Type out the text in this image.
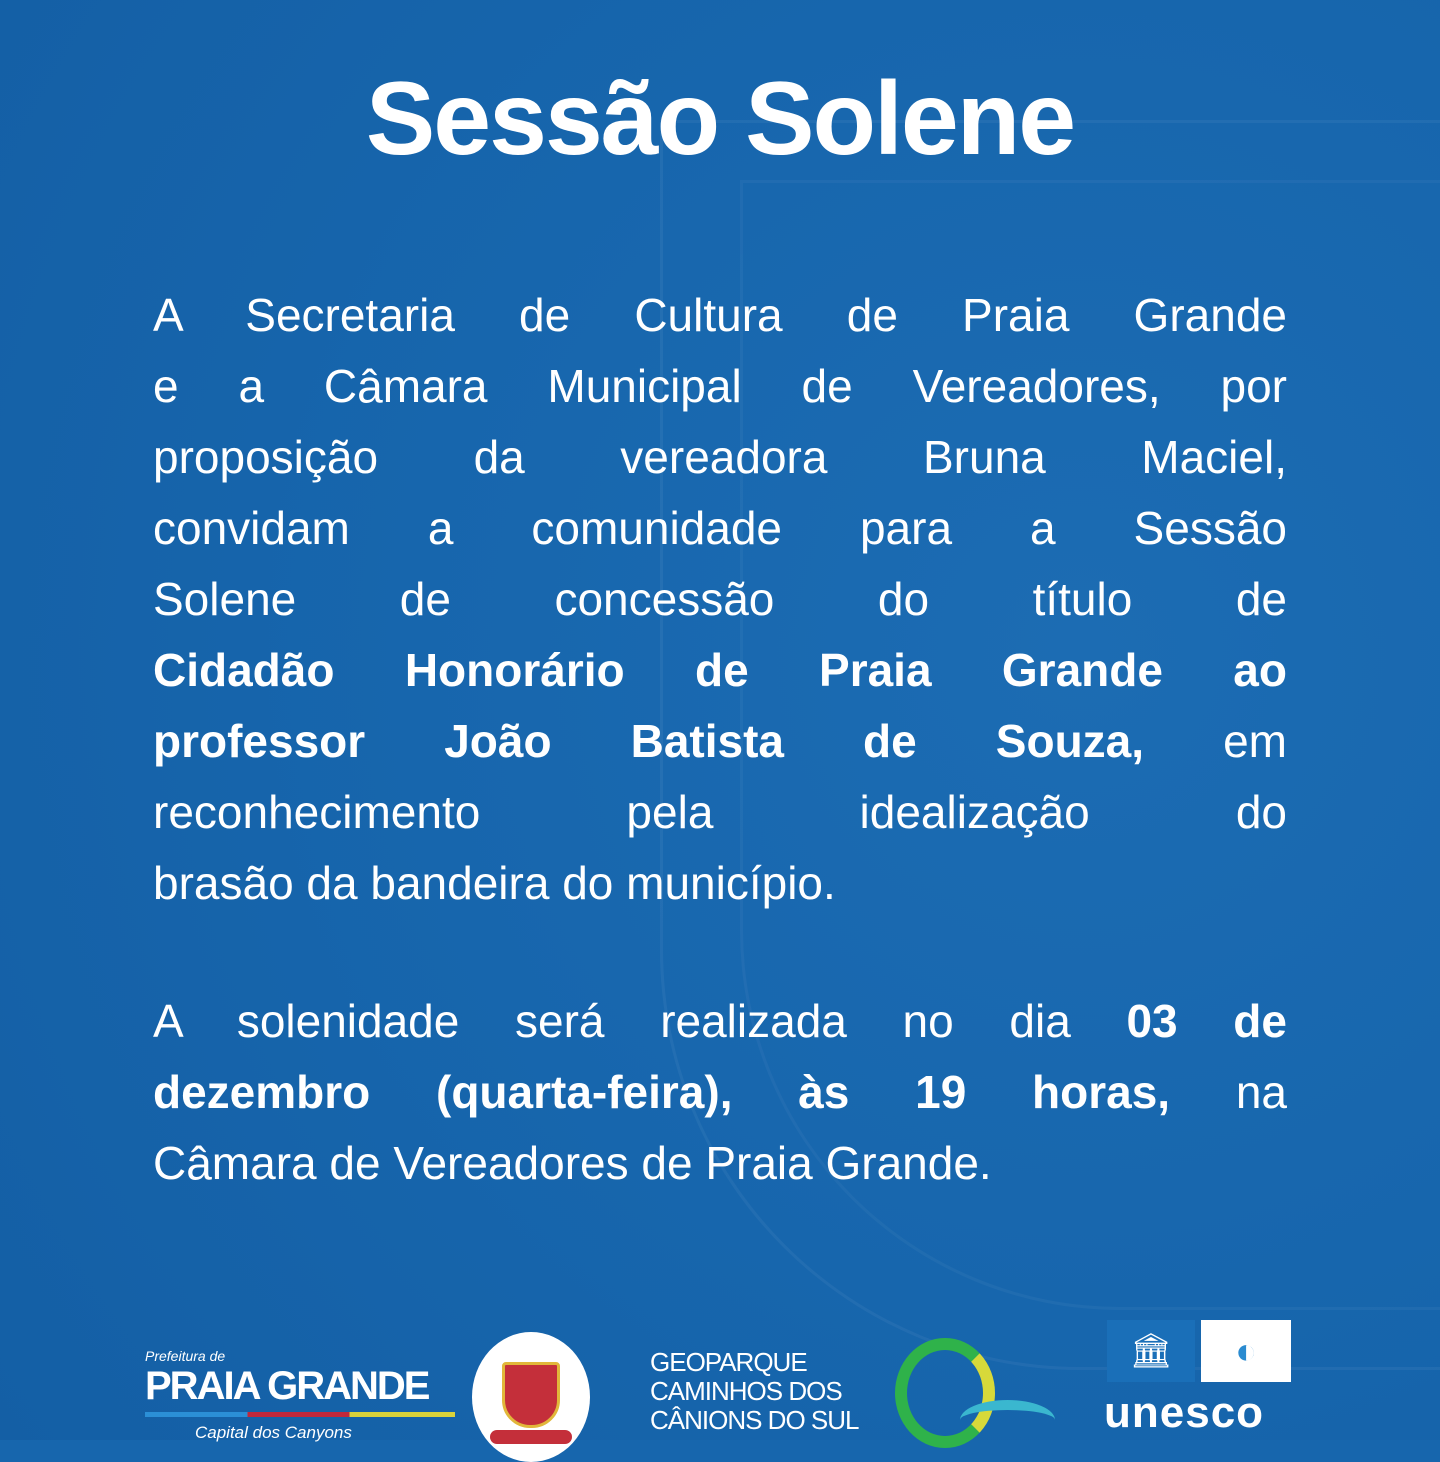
Sessão Solene
A Secretaria de Cultura de Praia Grande
e a Câmara Municipal de Vereadores, por
proposição da vereadora Bruna Maciel,
convidam a comunidade para a Sessão
Solene de concessão do título de
Cidadão Honorário de Praia Grande ao
professor João Batista de Souza, em
reconhecimento pela idealização do
brasão da bandeira do município.
A solenidade será realizada no dia 03 de
dezembro (quarta-feira), às 19 horas, na
Câmara de Vereadores de Praia Grande.
Prefeitura de
PRAIA GRANDE
Capital dos Canyons
GEOPARQUE
CAMINHOS DOS
CÂNIONS DO SUL
🏛	◐
unesco
